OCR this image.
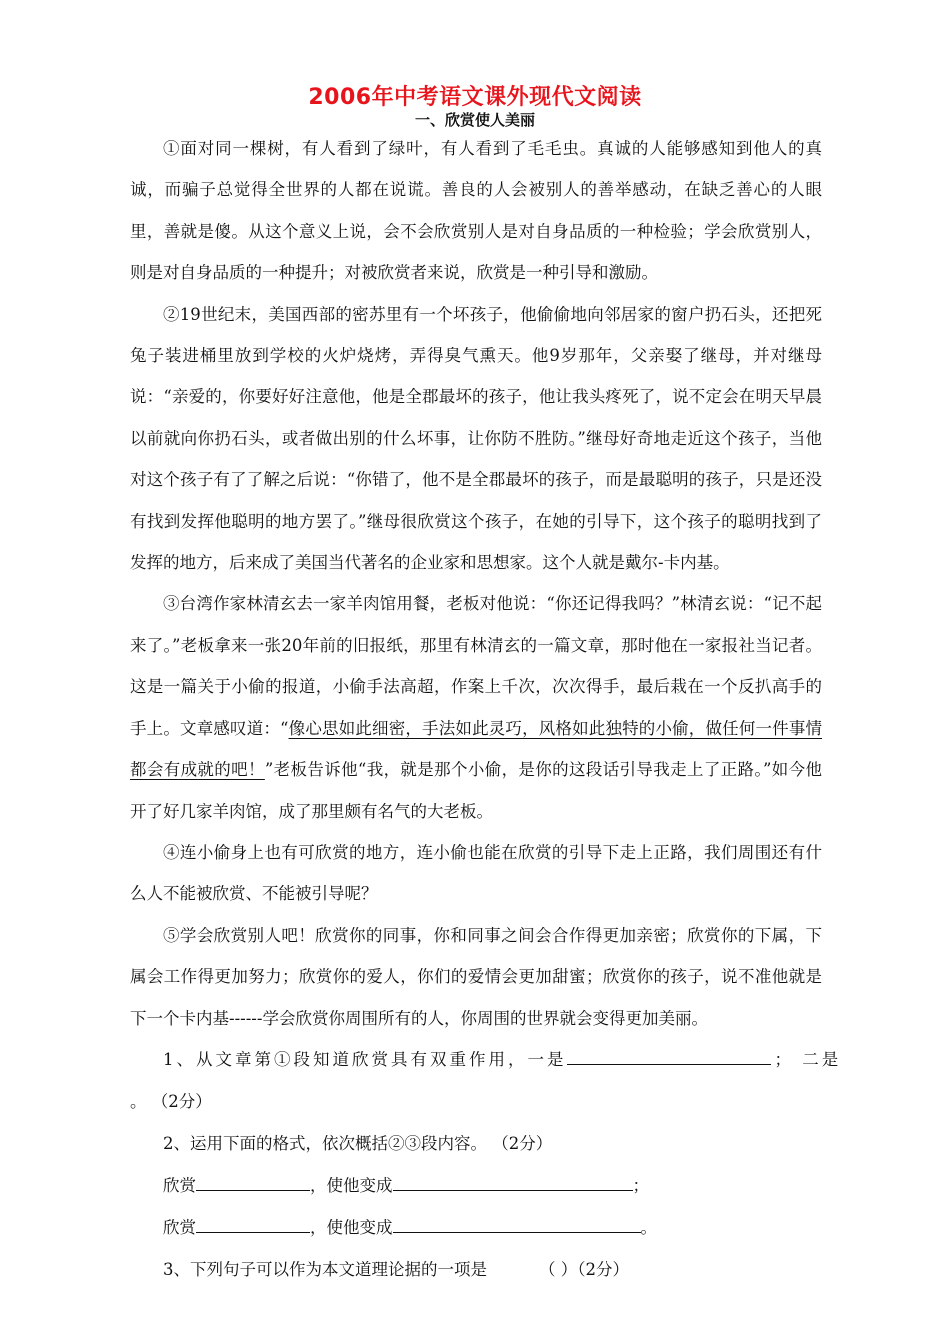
2006年中考语文课外现代文阅读
一、欣赏使人美丽

①面对同一棵树，有人看到了绿叶，有人看到了毛毛虫。真诚的人能够感知到他人的真诚，而骗子总觉得全世界的人都在说谎。善良的人会被别人的善举感动，在缺乏善心的人眼里，善就是傻。从这个意义上说，会不会欣赏别人是对自身品质的一种检验；学会欣赏别人，则是对自身品质的一种提升；对被欣赏者来说，欣赏是一种引导和激励。

②19世纪末，美国西部的密苏里有一个坏孩子，他偷偷地向邻居家的窗户扔石头，还把死兔子装进桶里放到学校的火炉烧烤，弄得臭气熏天。他9岁那年，父亲娶了继母，并对继母说：“亲爱的，你要好好注意他，他是全郡最坏的孩子，他让我头疼死了，说不定会在明天早晨以前就向你扔石头，或者做出别的什么坏事，让你防不胜防。”继母好奇地走近这个孩子，当他对这个孩子有了了解之后说：“你错了，他不是全郡最坏的孩子，而是最聪明的孩子，只是还没有找到发挥他聪明的地方罢了。”继母很欣赏这个孩子，在她的引导下，这个孩子的聪明找到了发挥的地方，后来成了美国当代著名的企业家和思想家。这个人就是戴尔-卡内基。

③台湾作家林清玄去一家羊肉馆用餐，老板对他说：“你还记得我吗？”林清玄说：“记不起来了。”老板拿来一张20年前的旧报纸，那里有林清玄的一篇文章，那时他在一家报社当记者。这是一篇关于小偷的报道，小偷手法高超，作案上千次，次次得手，最后栽在一个反扒高手的手上。文章感叹道：“像心思如此细密，手法如此灵巧，风格如此独特的小偷，做任何一件事情都会有成就的吧！”老板告诉他“我，就是那个小偷，是你的这段话引导我走上了正路。”如今他开了好几家羊肉馆，成了那里颇有名气的大老板。

④连小偷身上也有可欣赏的地方，连小偷也能在欣赏的引导下走上正路，我们周围还有什么人不能被欣赏、不能被引导呢？

⑤学会欣赏别人吧！欣赏你的同事，你和同事之间会合作得更加亲密；欣赏你的下属，下属会工作得更加努力；欣赏你的爱人，你们的爱情会更加甜蜜；欣赏你的孩子，说不准他就是下一个卡内基------学会欣赏你周围所有的人，你周围的世界就会变得更加美丽。

1、从文章第①段知道欣赏具有双重作用，一是	； 二是

。 （2分）

2、运用下面的格式，依次概括②③段内容。 （2分）

欣赏	，使他变成	；

欣赏	，使他变成	。

3、下列句子可以作为本文道理论据的一项是	（ ）（2分）
